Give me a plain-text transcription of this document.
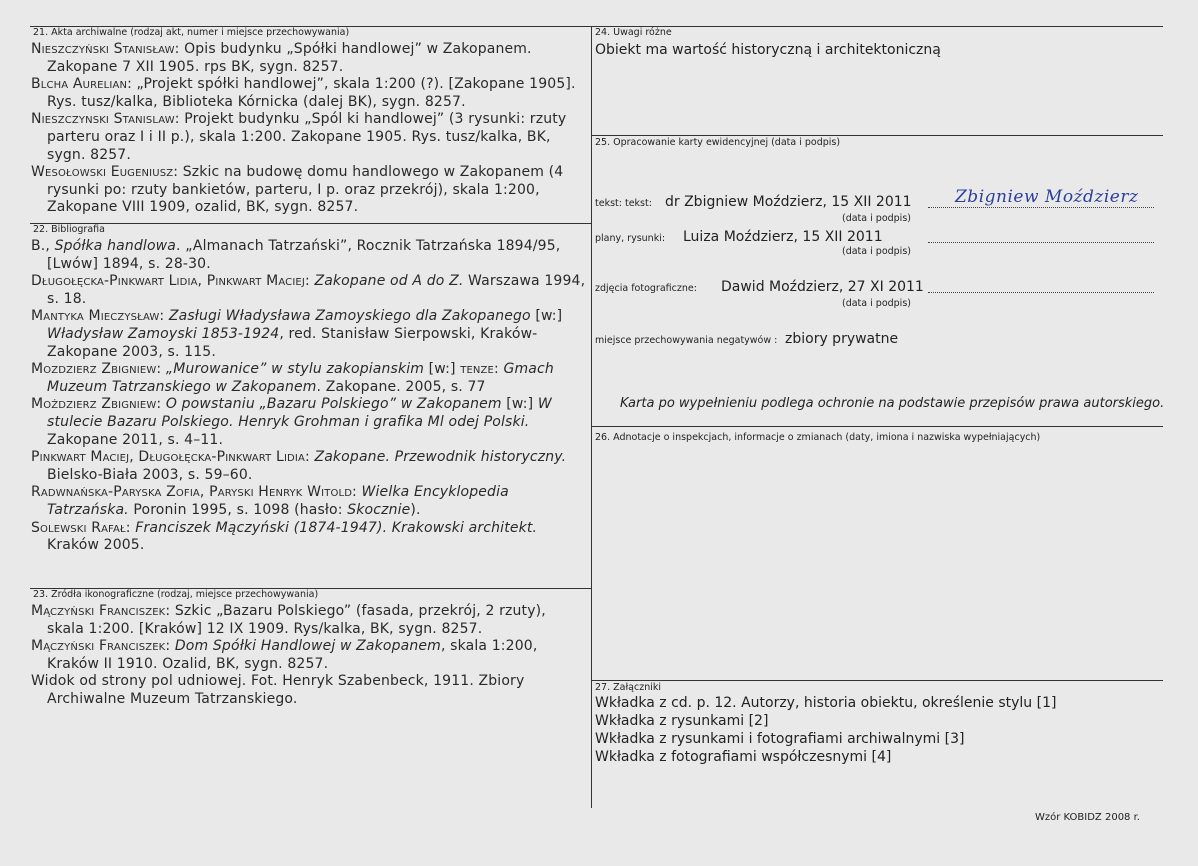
21. Akta archiwalne (rodzaj akt, numer i miejsce przechowywania)

Nieszczyński Stanisław: Opis budynku „Spółki handlowej” w Zakopanem. Zakopane 7 XII 1905. rps BK, sygn. 8257.

Blcha Aurelian: „Projekt spółki handlowej”, skala 1:200 (?). [Zakopane 1905]. Rys. tusz/kalka, Biblioteka Kórnicka (dalej BK), sygn. 8257.

Nieszczynski Stanislaw: Projekt budynku „Spól ki handlowej” (3 rysunki: rzuty parteru oraz I i II p.), skala 1:200. Zakopane 1905. Rys. tusz/kalka, BK, sygn. 8257.

Wesołowski Eugeniusz: Szkic na budowę domu handlowego w Zakopanem (4 rysunki po: rzuty bankietów, parteru, I p. oraz przekrój), skala 1:200, Zakopane VIII 1909, ozalid, BK, sygn. 8257.

22. Bibliografia

B., Spółka handlowa. „Almanach Tatrzański”, Rocznik Tatrzańska 1894/95, [Lwów] 1894, s. 28-30.

Długołęcka-Pinkwart Lidia, Pinkwart Maciej: Zakopane od A do Z. Warszawa 1994, s. 18.

Mantyka Mieczysław: Zasługi Władysława Zamoyskiego dla Zakopanego [w:] Władysław Zamoyski 1853-1924, red. Stanisław Sierpowski, Kraków-Zakopane 2003, s. 115.

Mozdzierz Zbigniew: „Murowanice” w stylu zakopianskim [w:] tenze: Gmach Muzeum Tatrzanskiego w Zakopanem. Zakopane. 2005, s. 77

Moździerz Zbigniew: O powstaniu „Bazaru Polskiego” w Zakopanem [w:] W stulecie Bazaru Polskiego. Henryk Grohman i grafika Ml odej Polski. Zakopane 2011, s. 4–11.

Pinkwart Maciej, Długołęcka-Pinkwart Lidia: Zakopane. Przewodnik historyczny. Bielsko-Biała 2003, s. 59–60.

Radwnańska-Paryska Zofia, Paryski Henryk Witold: Wielka Encyklopedia Tatrzańska. Poronin 1995, s. 1098 (hasło: Skocznie).

Solewski Rafał: Franciszek Mączyński (1874-1947). Krakowski architekt. Kraków 2005.

23. Źródła ikonograficzne (rodzaj, miejsce przechowywania)

Mączyński Franciszek: Szkic „Bazaru Polskiego” (fasada, przekrój, 2 rzuty), skala 1:200. [Kraków] 12 IX 1909. Rys/kalka, BK, sygn. 8257.

Mączyński Franciszek: Dom Spółki Handlowej w Zakopanem, skala 1:200, Kraków II 1910. Ozalid, BK, sygn. 8257.

Widok od strony pol udniowej. Fot. Henryk Szabenbeck, 1911. Zbiory Archiwalne Muzeum Tatrzanskiego.

24. Uwagi różne
Obiekt ma wartość historyczną i architektoniczną
25. Opracowanie karty ewidencyjnej (data i podpis)
tekst: tekst: dr Zbigniew Moździerz, 15 XII 2011	Zbigniew Moździerz
(data i podpis)
plany, rysunki: Luiza Moździerz, 15 XII 2011
(data i podpis)
zdjęcia fotograficzne: Dawid Moździerz, 27 XI 2011
(data i podpis)
miejsce przechowywania negatywów : zbiory prywatne
Karta po wypełnieniu podlega ochronie na podstawie przepisów prawa autorskiego.
26. Adnotacje o inspekcjach, informacje o zmianach (daty, imiona i nazwiska wypełniających)
27. Załączniki
Wkładka z cd. p. 12. Autorzy, historia obiektu, określenie stylu [1]
Wkładka z rysunkami [2]
Wkładka z rysunkami i fotografiami archiwalnymi [3]
Wkładka z fotografiami współczesnymi [4]
Wzór KOBIDZ 2008 r.
